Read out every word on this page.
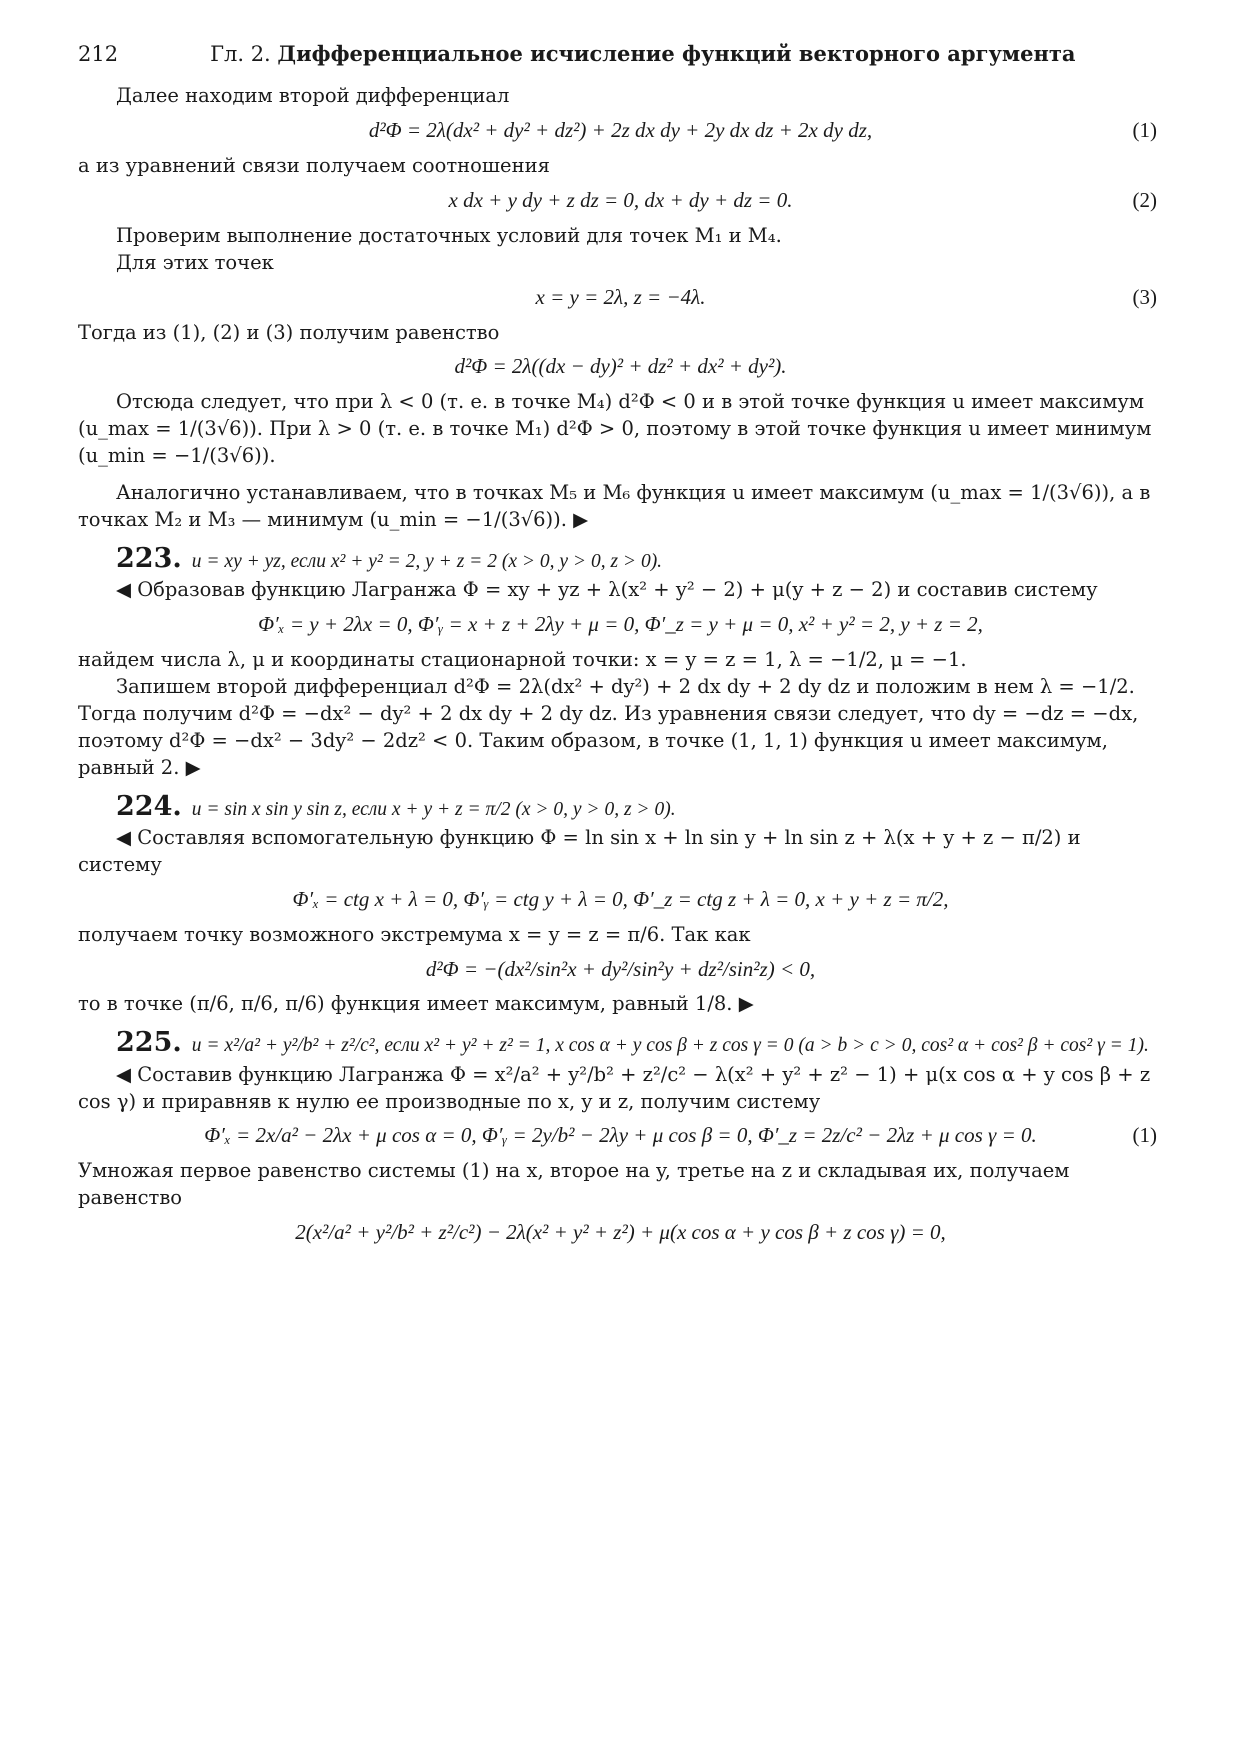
212	Гл. 2. Дифференциальное исчисление функций векторного аргумента

Далее находим второй дифференциал

d²Φ = 2λ(dx² + dy² + dz²) + 2z dx dy + 2y dx dz + 2x dy dz,	(1)

а из уравнений связи получаем соотношения

x dx + y dy + z dz = 0, dx + dy + dz = 0.	(2)

Проверим выполнение достаточных условий для точек M₁ и M₄.

Для этих точек

x = y = 2λ, z = −4λ.	(3)

Тогда из (1), (2) и (3) получим равенство

d²Φ = 2λ((dx − dy)² + dz² + dx² + dy²).

Отсюда следует, что при λ < 0 (т. е. в точке M₄) d²Φ < 0 и в этой точке функция u имеет максимум (u_max = 1/(3√6)). При λ > 0 (т. е. в точке M₁) d²Φ > 0, поэтому в этой точке функция u имеет минимум (u_min = −1/(3√6)).

Аналогично устанавливаем, что в точках M₅ и M₆ функция u имеет максимум (u_max = 1/(3√6)), а в точках M₂ и M₃ — минимум (u_min = −1/(3√6)). ▶

223. u = xy + yz, если x² + y² = 2, y + z = 2 (x > 0, y > 0, z > 0).

◀ Образовав функцию Лагранжа Φ = xy + yz + λ(x² + y² − 2) + μ(y + z − 2) и составив систему

Φ′ₓ = y + 2λx = 0, Φ′ᵧ = x + z + 2λy + μ = 0, Φ′_z = y + μ = 0, x² + y² = 2, y + z = 2,

найдем числа λ, μ и координаты стационарной точки: x = y = z = 1, λ = −1/2, μ = −1.

Запишем второй дифференциал d²Φ = 2λ(dx² + dy²) + 2 dx dy + 2 dy dz и положим в нем λ = −1/2. Тогда получим d²Φ = −dx² − dy² + 2 dx dy + 2 dy dz. Из уравнения связи следует, что dy = −dz = −dx, поэтому d²Φ = −dx² − 3dy² − 2dz² < 0. Таким образом, в точке (1, 1, 1) функция u имеет максимум, равный 2. ▶

224. u = sin x sin y sin z, если x + y + z = π/2 (x > 0, y > 0, z > 0).

◀ Составляя вспомогательную функцию Φ = ln sin x + ln sin y + ln sin z + λ(x + y + z − π/2) и систему

Φ′ₓ = ctg x + λ = 0, Φ′ᵧ = ctg y + λ = 0, Φ′_z = ctg z + λ = 0, x + y + z = π/2,

получаем точку возможного экстремума x = y = z = π/6. Так как

d²Φ = −(dx²/sin²x + dy²/sin²y + dz²/sin²z) < 0,

то в точке (π/6, π/6, π/6) функция имеет максимум, равный 1/8. ▶

225. u = x²/a² + y²/b² + z²/c², если x² + y² + z² = 1, x cos α + y cos β + z cos γ = 0 (a > b > c > 0, cos² α + cos² β + cos² γ = 1).

◀ Составив функцию Лагранжа Φ = x²/a² + y²/b² + z²/c² − λ(x² + y² + z² − 1) + μ(x cos α + y cos β + z cos γ) и приравняв к нулю ее производные по x, y и z, получим систему

Φ′ₓ = 2x/a² − 2λx + μ cos α = 0, Φ′ᵧ = 2y/b² − 2λy + μ cos β = 0, Φ′_z = 2z/c² − 2λz + μ cos γ = 0.	(1)

Умножая первое равенство системы (1) на x, второе на y, третье на z и складывая их, получаем равенство

2(x²/a² + y²/b² + z²/c²) − 2λ(x² + y² + z²) + μ(x cos α + y cos β + z cos γ) = 0,
